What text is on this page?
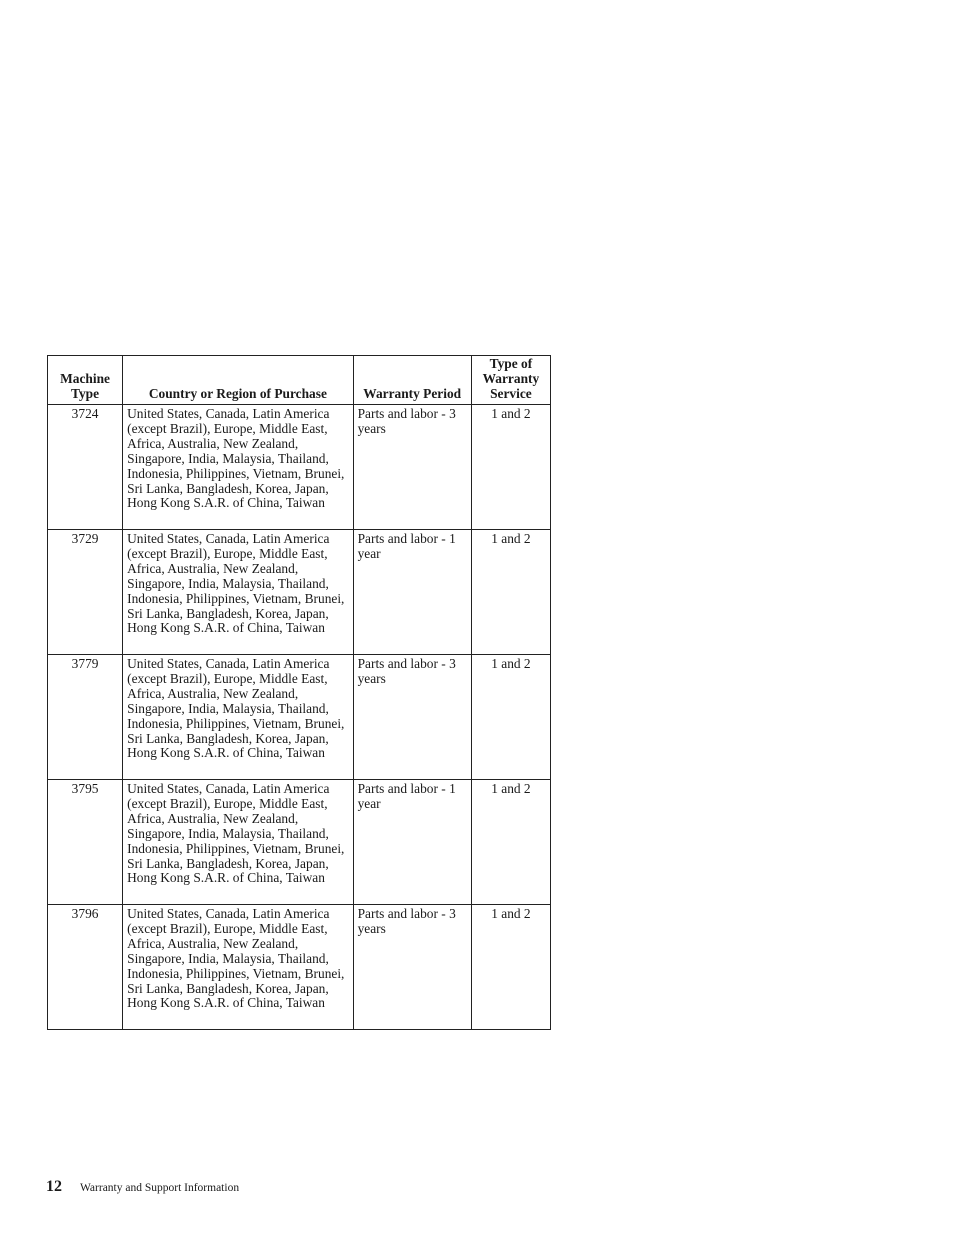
Machine Type	Country or Region of Purchase	Warranty Period	Type of Warranty Service
3724	United States, Canada, Latin America (except Brazil), Europe, Middle East, Africa, Australia, New Zealand, Singapore, India, Malaysia, Thailand, Indonesia, Philippines, Vietnam, Brunei, Sri Lanka, Bangladesh, Korea, Japan, Hong Kong S.A.R. of China, Taiwan	Parts and labor - 3 years	1 and 2
3729	United States, Canada, Latin America (except Brazil), Europe, Middle East, Africa, Australia, New Zealand, Singapore, India, Malaysia, Thailand, Indonesia, Philippines, Vietnam, Brunei, Sri Lanka, Bangladesh, Korea, Japan, Hong Kong S.A.R. of China, Taiwan	Parts and labor - 1 year	1 and 2
3779	United States, Canada, Latin America (except Brazil), Europe, Middle East, Africa, Australia, New Zealand, Singapore, India, Malaysia, Thailand, Indonesia, Philippines, Vietnam, Brunei, Sri Lanka, Bangladesh, Korea, Japan, Hong Kong S.A.R. of China, Taiwan	Parts and labor - 3 years	1 and 2
3795	United States, Canada, Latin America (except Brazil), Europe, Middle East, Africa, Australia, New Zealand, Singapore, India, Malaysia, Thailand, Indonesia, Philippines, Vietnam, Brunei, Sri Lanka, Bangladesh, Korea, Japan, Hong Kong S.A.R. of China, Taiwan	Parts and labor - 1 year	1 and 2
3796	United States, Canada, Latin America (except Brazil), Europe, Middle East, Africa, Australia, New Zealand, Singapore, India, Malaysia, Thailand, Indonesia, Philippines, Vietnam, Brunei, Sri Lanka, Bangladesh, Korea, Japan, Hong Kong S.A.R. of China, Taiwan	Parts and labor - 3 years	1 and 2
12 Warranty and Support Information
